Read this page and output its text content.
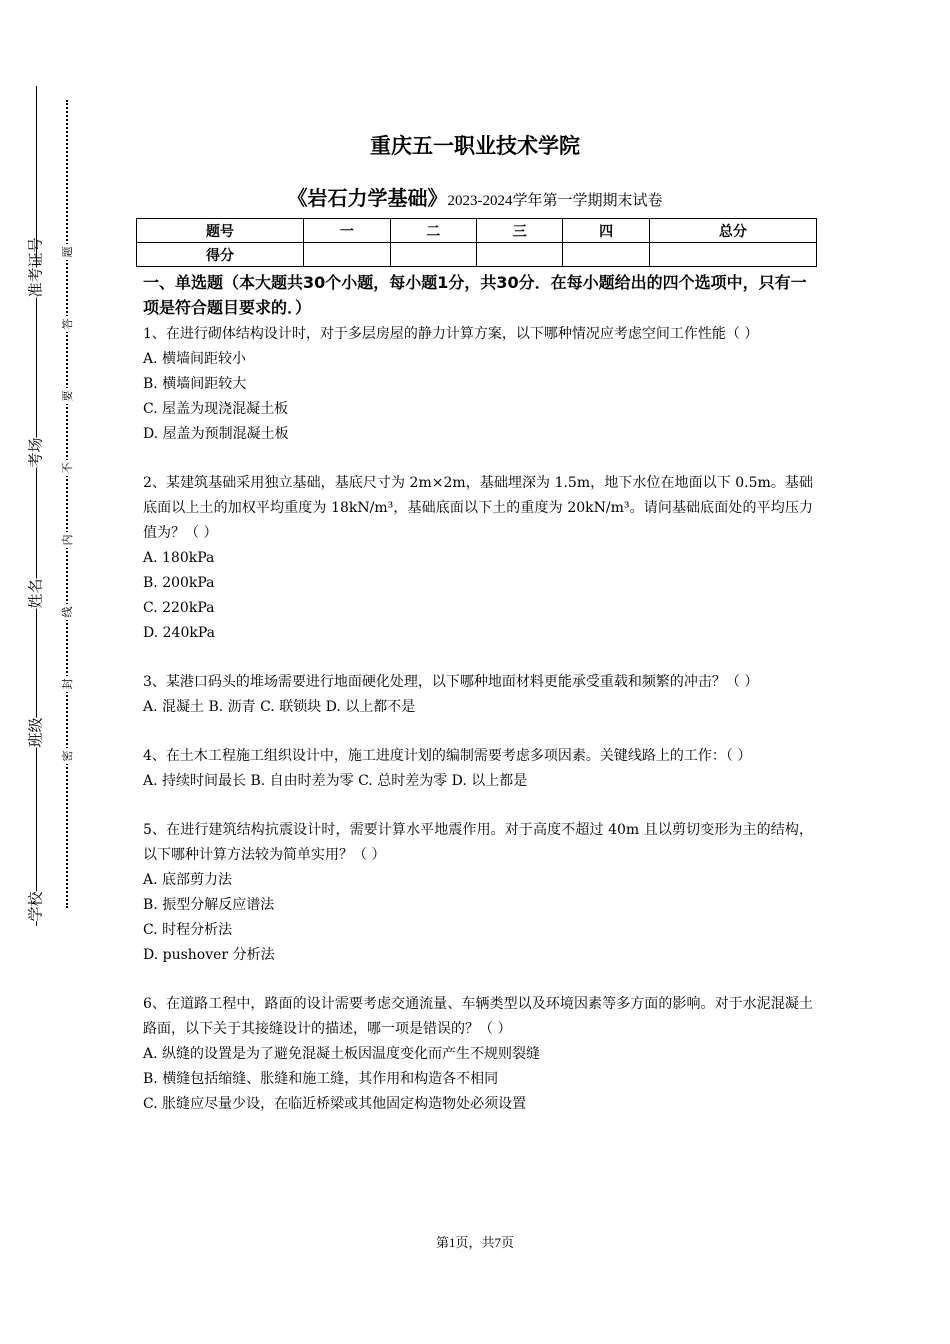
准考证号
考场
姓名
班级
学校
题
答
要
不
内
线
封
密
重庆五一职业技术学院
《岩石力学基础》2023-2024学年第一学期期末试卷
题号	一	二	三	四	总分
得分					
一、单选题（本大题共30个小题，每小题1分，共30分．在每小题给出的四个选项中，只有一项是符合题目要求的．）
1、在进行砌体结构设计时，对于多层房屋的静力计算方案，以下哪种情况应考虑空间工作性能（ ）
A. 横墙间距较小
B. 横墙间距较大
C. 屋盖为现浇混凝土板
D. 屋盖为预制混凝土板
2、某建筑基础采用独立基础，基底尺寸为 2m×2m，基础埋深为 1.5m，地下水位在地面以下 0.5m。基础底面以上土的加权平均重度为 18kN/m³，基础底面以下土的重度为 20kN/m³。请问基础底面处的平均压力值为？（ ）
A. 180kPa
B. 200kPa
C. 220kPa
D. 240kPa
3、某港口码头的堆场需要进行地面硬化处理，以下哪种地面材料更能承受重载和频繁的冲击？（ ）
A. 混凝土 B. 沥青 C. 联锁块 D. 以上都不是
4、在土木工程施工组织设计中，施工进度计划的编制需要考虑多项因素。关键线路上的工作：（ ）
A. 持续时间最长 B. 自由时差为零 C. 总时差为零 D. 以上都是
5、在进行建筑结构抗震设计时，需要计算水平地震作用。对于高度不超过 40m 且以剪切变形为主的结构，以下哪种计算方法较为简单实用？（ ）
A. 底部剪力法
B. 振型分解反应谱法
C. 时程分析法
D. pushover 分析法
6、在道路工程中，路面的设计需要考虑交通流量、车辆类型以及环境因素等多方面的影响。对于水泥混凝土路面，以下关于其接缝设计的描述，哪一项是错误的？（ ）
A. 纵缝的设置是为了避免混凝土板因温度变化而产生不规则裂缝
B. 横缝包括缩缝、胀缝和施工缝，其作用和构造各不相同
C. 胀缝应尽量少设，在临近桥梁或其他固定构造物处必须设置
第1页，共7页
